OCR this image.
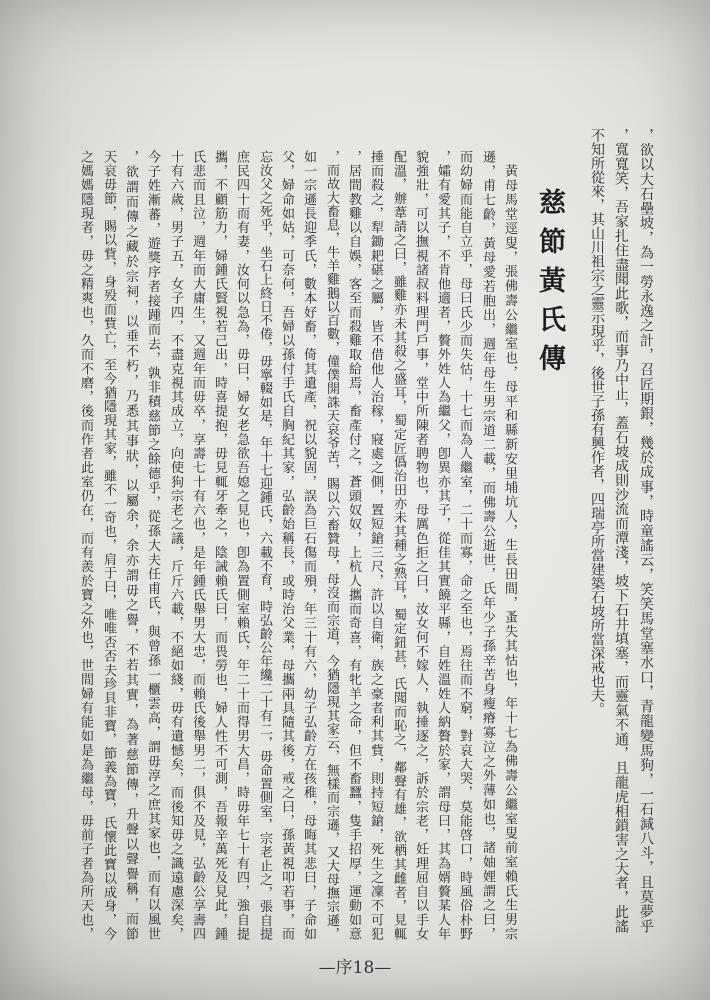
，欲以大石壘坡，為一勞永逸之計，召匠期銀，幾於成事，時童謠云，笑笑馬堂塞水口，青龍變馬狗，一石減八斗，且莫夢乎
，寬寬笑，吾家扎住盡聞此歌，而事乃中止，蓋石坡成則沙流而潭淺，坡下石井填塞，而靈氣不通，且龍虎相鎖害之大者，此謠
不知所從來，其山川祖宗之靈示現乎，後世子孫有興作者，四瑞亭所當建築石坡所當深戒也夫。
慈節黃氏傳
黃母馬堂逕叟，張佛壽公繼室也，母平和縣新安里埔坑人，生長田間，蚤失其怙也，年十七為佛壽公繼室叟前室賴氏生男宗
遜，甫七齡，黃母愛若胞出，週年母生男宗道二載，而佛壽公逝世，氏年少子孫辛苦身瘦瘠寡泣之外薄如也，諸妯娌謂之曰，
而幼婦而能自立乎，母曰氏少而失怙，十七而為人繼室，二十而寡，命之至也，焉往而不窮，對哀大哭，莫能啓口，時風俗朴野
，孀有愛其子，不肯他適者，贅外姓人為繼父，卽異亦其子，從佳其實饒平縣，自姓溫姓人納贅於家，謂母曰，其為婿贅某人年
貌強壯，可以撫視諸叔料理門戶事，堂中所陳者聘物也，母厲色拒之曰，汝女何不嫁人，執捶逐之，訴於宗老，妊理屈自以手女
配溫，辦葦請之曰，雖雞亦未其殺之盛耳，蜀定匠僞治田亦未其種之熟耳，蜀定鈕甚，氏聞而恥之，鄰聲有雄，欲栖其雌者，見輒
捶而殺之，犁鋤耙碪之屬，皆不借他人治稼，寢處之側，置短鎗三尺，許以自衛，族之豪者利其貲，則持短鎗，死生之凜不可犯
，居間教雞以自娛，客至而殺雞取給焉，畜產付之，蒼頭奴奴，上杭人攜而奇喜，有牝羊之命，但不畜蠶，隻手招厚，運動如意
，而故大畜息，牛羊雞鵝以百數，僮僕開誅天哀爷苦，賜以六畜贊母，母沒而宗道，今猶隱現其家云，無樣而宗遜，又大母撫宗遜，
如一宗遜長迎季氏，數本好畜，倚其遺產，祝以貌固，誤為巨石傷而殞，年三十有六，幼子弘齡方在孩稚，母晦其悲曰，子命如
父，婦命如姑，可奈何，吾婦以孫付手氏自胸紀其家，弘齡始稱長，或時治父業，母攜兩具隨其後，戒之曰，孫黃視叩若事，而
忘汝父之死乎，坐石上終日不倦，毋寧輟如是，年十七迎鍾氏，六載不育，時弘齡公年纔二十有二，毋命置側室，宗老止之，張自提
庶民四十而有妻，汝何以急為，毋曰，婦女老急欲吾媳之見也，卽為置側室賴氏，年二十而得男大昌，時毋年七十有四，強自提
攜，不顧筋力，婦鍾氏賢視若己出，時喜提抱，毋見輒牙牽之，陰誡賴氏曰，而畏勞也，婦人性不可測，吾報辛萬死及見此，鍾
氏悲而且泣，週年而大庸生，又週年而毋卒，享壽七十有六也，是年鍾氏舉男大忠，而賴氏後舉男二，俱不及見，弘齡公享壽四
十有六歲，男子五，女子四，不盡克視其成立，向使狗宗老之議，斤斤六載，不絕如綫，毋有遺憾矣，而後知毋之識遠慮深矣，
今子姓漸蕃，遊獎序者接踵而去，孰非積慈節之餘德乎，從孫大夫任甫氏，與曾孫一櫃雲高，謂毋淳之庶其家也，而有以風世
，欲謂而傳之藏於宗祠，以垂不朽，乃悉其事狀，以屬余，余亦謂毋之譽，不若其實，為著慈節傳，升聲以聲譽稱，而節
天哀毋節，賜以貲，身殁而貲亡，至今猶隱現其家，雖不一奇也，肩于曰，唯唯否否夫珍貝非寶，節義為寶，氏懷此寶以成身，今
之媽媽隱現者，毋之精爽也，久而不磨，後而作者此室仍在，而有羨於寶之外也，世間婦有能如是為繼母，毋前子者為所天也，
—序18—
